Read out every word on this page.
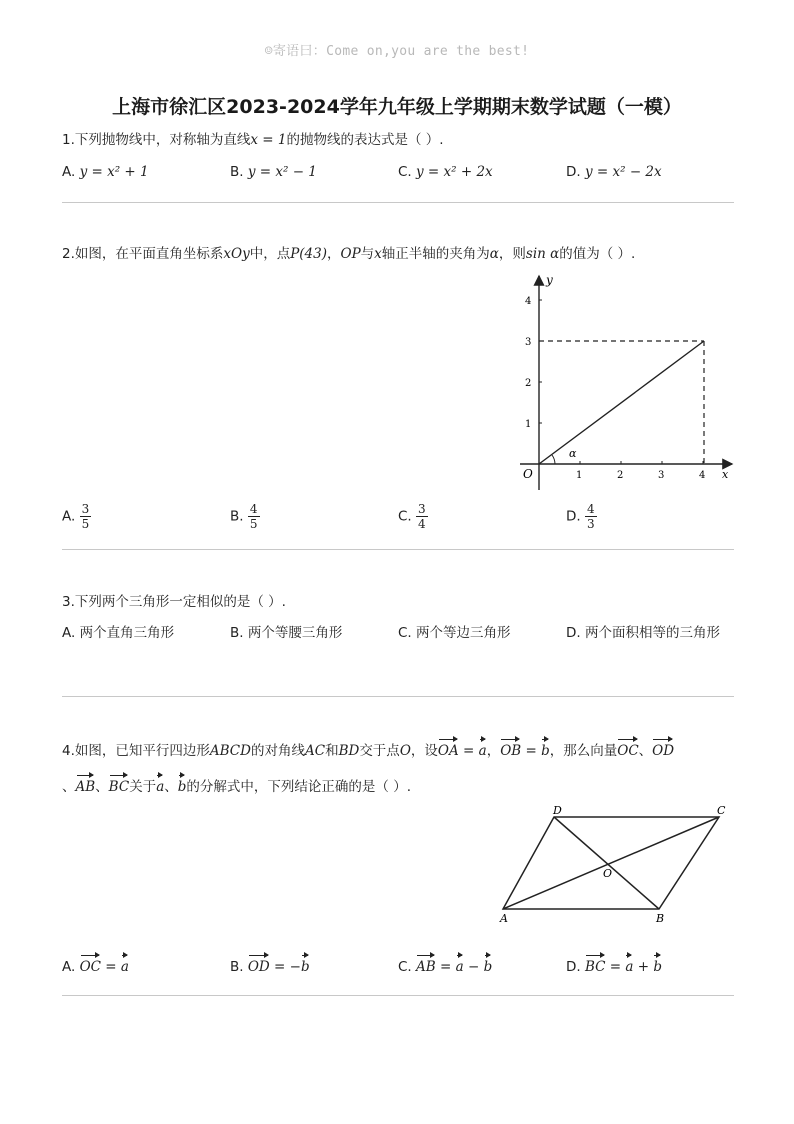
☺寄语曰：Come on,you are the best!
上海市徐汇区2023-2024学年九年级上学期期末数学试题（一模）
1.下列抛物线中，对称轴为直线x = 1的抛物线的表达式是（ ）.
A. y = x² + 1	B. y = x² − 1	C. y = x² + 2x	D. y = x² − 2x
2.如图，在平面直角坐标系xOy中，点P(43)，OP与x轴正半轴的夹角为α，则sin α的值为（ ）.
α
O	x
y
1	2	3	4
1
2
3
4
A. $\frac{3}{5}$	B. $\frac{4}{5}$	C. $\frac{3}{4}$	D. $\frac{4}{3}$
3.下列两个三角形一定相似的是（ ）.
A. 两个直角三角形	B. 两个等腰三角形	C. 两个等边三角形	D.
两个面积相等的三角形
4.如图，已知平行四边形ABCD的对角线AC和BD交于点O，设OA = a，OB = b，那么向量OC、OD
、AB、BC关于a、b的分解式中，下列结论正确的是（ ）.
A	B
C
D
O
A. OC = a	B. OD = −b	C. AB = a − b	D. BC = a + b
